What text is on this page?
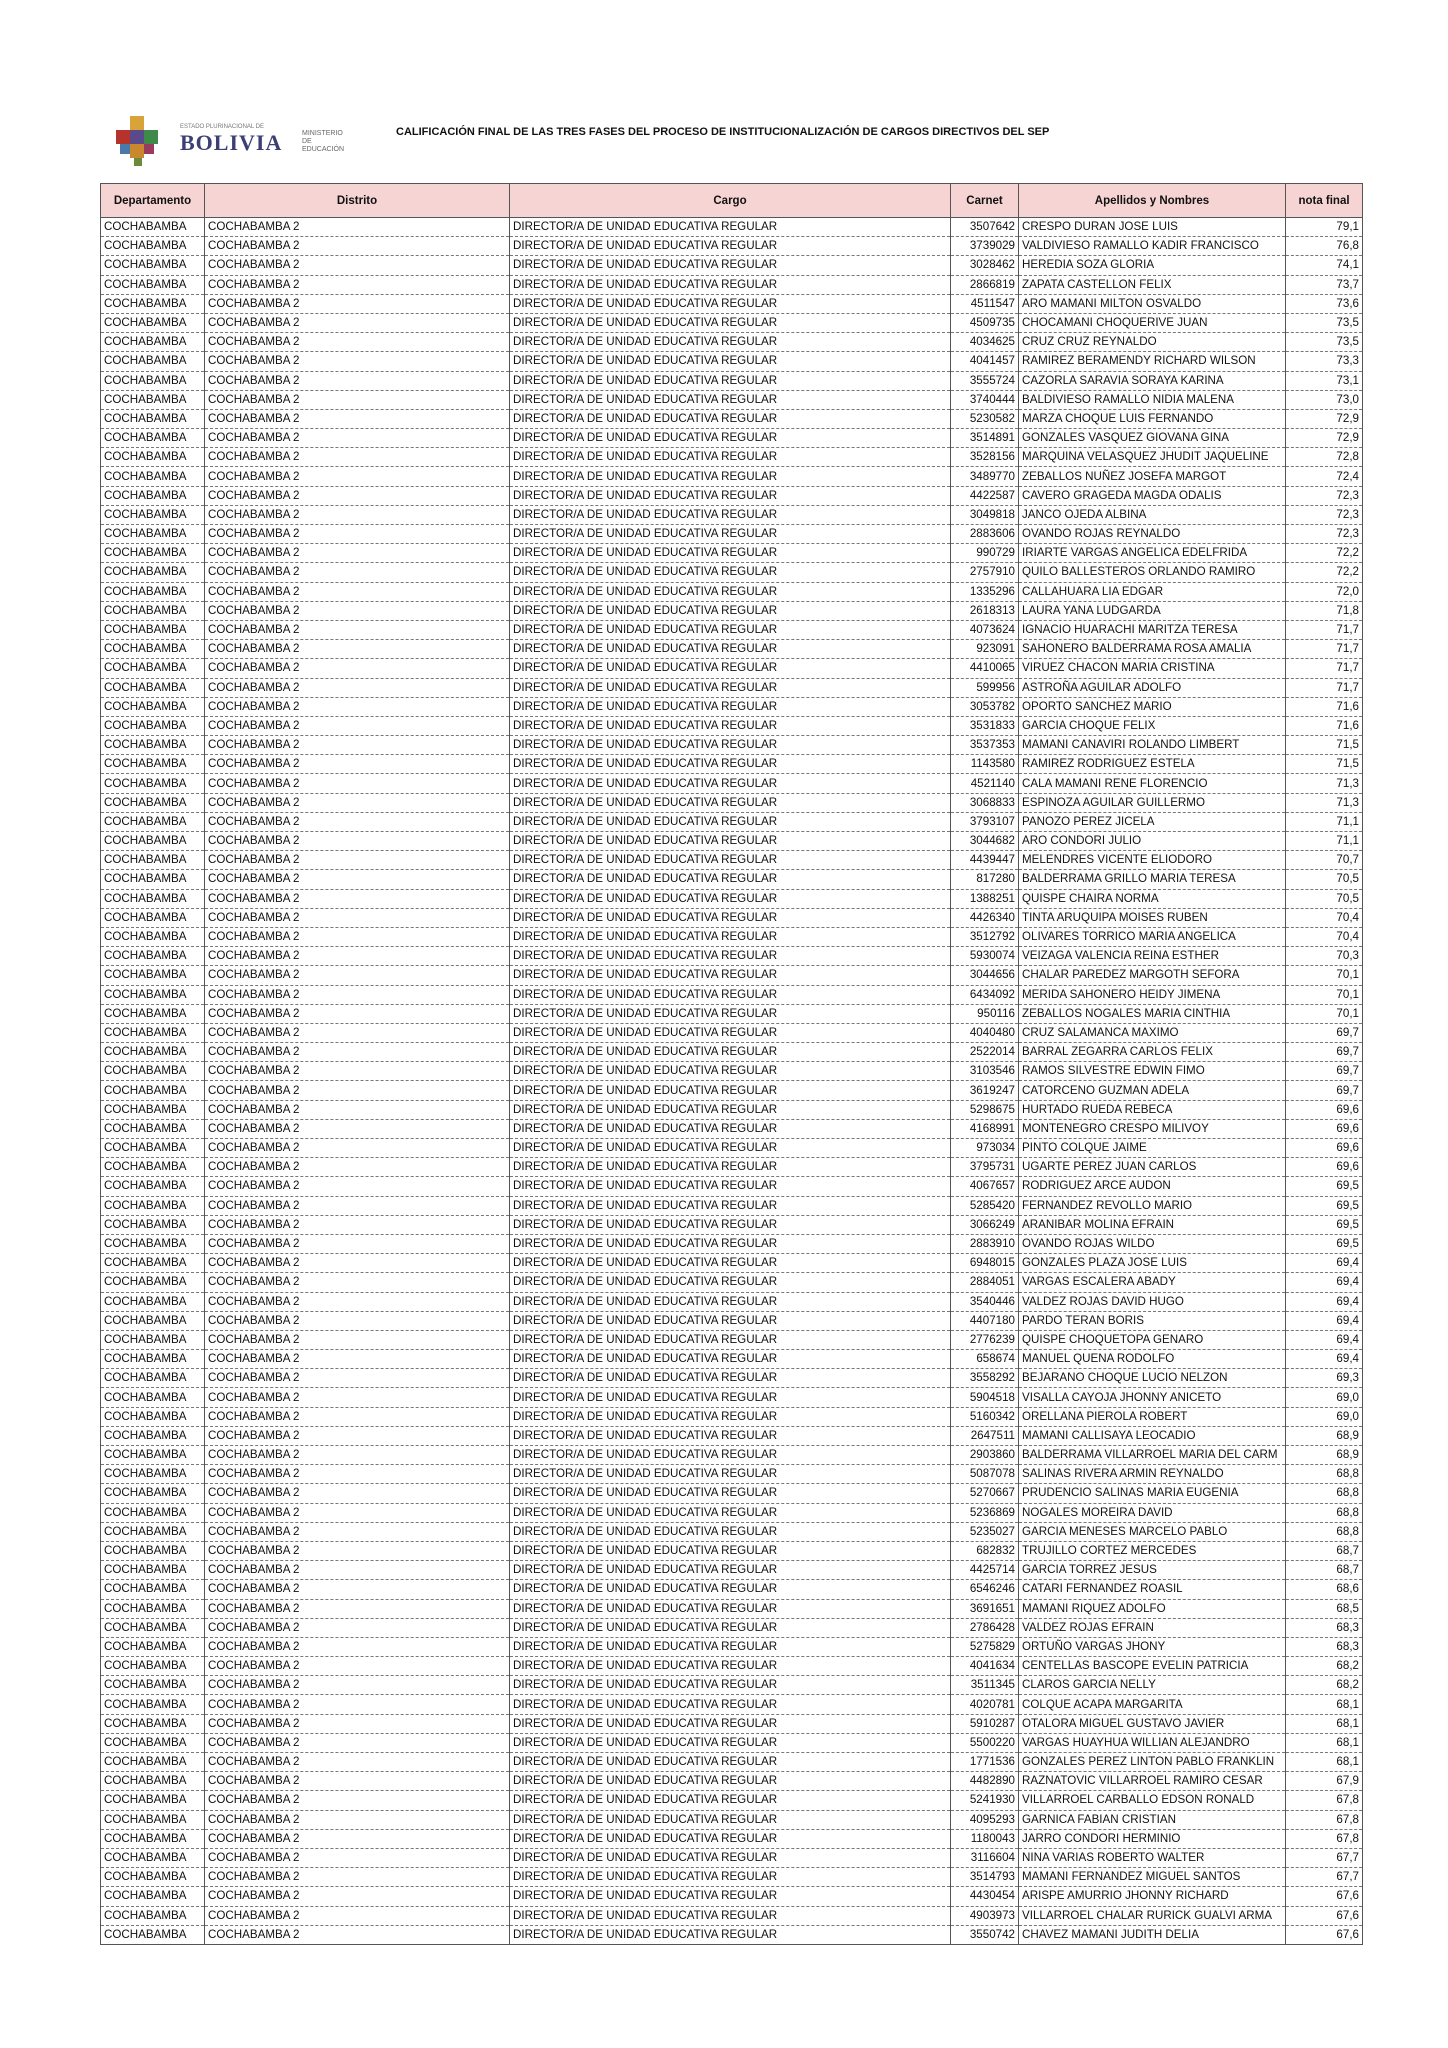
ESTADO PLURINACIONAL DE
BOLIVIA	MINISTERIO DE EDUCACIÓN
CALIFICACIÓN FINAL DE LAS TRES FASES DEL PROCESO DE INSTITUCIONALIZACIÓN DE CARGOS DIRECTIVOS DEL SEP
Departamento	Distrito	Cargo	Carnet	Apellidos y Nombres	nota final
COCHABAMBA	COCHABAMBA 2	DIRECTOR/A DE UNIDAD EDUCATIVA REGULAR	3507642	CRESPO DURAN JOSE LUIS	79,1
COCHABAMBA	COCHABAMBA 2	DIRECTOR/A DE UNIDAD EDUCATIVA REGULAR	3739029	VALDIVIESO RAMALLO KADIR FRANCISCO	76,8
COCHABAMBA	COCHABAMBA 2	DIRECTOR/A DE UNIDAD EDUCATIVA REGULAR	3028462	HEREDIA SOZA GLORIA	74,1
COCHABAMBA	COCHABAMBA 2	DIRECTOR/A DE UNIDAD EDUCATIVA REGULAR	2866819	ZAPATA CASTELLON FELIX	73,7
COCHABAMBA	COCHABAMBA 2	DIRECTOR/A DE UNIDAD EDUCATIVA REGULAR	4511547	ARO MAMANI MILTON OSVALDO	73,6
COCHABAMBA	COCHABAMBA 2	DIRECTOR/A DE UNIDAD EDUCATIVA REGULAR	4509735	CHOCAMANI CHOQUERIVE JUAN	73,5
COCHABAMBA	COCHABAMBA 2	DIRECTOR/A DE UNIDAD EDUCATIVA REGULAR	4034625	CRUZ CRUZ REYNALDO	73,5
COCHABAMBA	COCHABAMBA 2	DIRECTOR/A DE UNIDAD EDUCATIVA REGULAR	4041457	RAMIREZ BERAMENDY RICHARD WILSON	73,3
COCHABAMBA	COCHABAMBA 2	DIRECTOR/A DE UNIDAD EDUCATIVA REGULAR	3555724	CAZORLA SARAVIA SORAYA KARINA	73,1
COCHABAMBA	COCHABAMBA 2	DIRECTOR/A DE UNIDAD EDUCATIVA REGULAR	3740444	BALDIVIESO RAMALLO NIDIA MALENA	73,0
COCHABAMBA	COCHABAMBA 2	DIRECTOR/A DE UNIDAD EDUCATIVA REGULAR	5230582	MARZA CHOQUE LUIS FERNANDO	72,9
COCHABAMBA	COCHABAMBA 2	DIRECTOR/A DE UNIDAD EDUCATIVA REGULAR	3514891	GONZALES VASQUEZ GIOVANA GINA	72,9
COCHABAMBA	COCHABAMBA 2	DIRECTOR/A DE UNIDAD EDUCATIVA REGULAR	3528156	MARQUINA VELASQUEZ JHUDIT JAQUELINE	72,8
COCHABAMBA	COCHABAMBA 2	DIRECTOR/A DE UNIDAD EDUCATIVA REGULAR	3489770	ZEBALLOS NUÑEZ JOSEFA MARGOT	72,4
COCHABAMBA	COCHABAMBA 2	DIRECTOR/A DE UNIDAD EDUCATIVA REGULAR	4422587	CAVERO GRAGEDA MAGDA ODALIS	72,3
COCHABAMBA	COCHABAMBA 2	DIRECTOR/A DE UNIDAD EDUCATIVA REGULAR	3049818	JANCO OJEDA ALBINA	72,3
COCHABAMBA	COCHABAMBA 2	DIRECTOR/A DE UNIDAD EDUCATIVA REGULAR	2883606	OVANDO ROJAS REYNALDO	72,3
COCHABAMBA	COCHABAMBA 2	DIRECTOR/A DE UNIDAD EDUCATIVA REGULAR	990729	IRIARTE VARGAS ANGELICA EDELFRIDA	72,2
COCHABAMBA	COCHABAMBA 2	DIRECTOR/A DE UNIDAD EDUCATIVA REGULAR	2757910	QUILO BALLESTEROS ORLANDO RAMIRO	72,2
COCHABAMBA	COCHABAMBA 2	DIRECTOR/A DE UNIDAD EDUCATIVA REGULAR	1335296	CALLAHUARA LIA EDGAR	72,0
COCHABAMBA	COCHABAMBA 2	DIRECTOR/A DE UNIDAD EDUCATIVA REGULAR	2618313	LAURA YANA LUDGARDA	71,8
COCHABAMBA	COCHABAMBA 2	DIRECTOR/A DE UNIDAD EDUCATIVA REGULAR	4073624	IGNACIO HUARACHI MARITZA TERESA	71,7
COCHABAMBA	COCHABAMBA 2	DIRECTOR/A DE UNIDAD EDUCATIVA REGULAR	923091	SAHONERO BALDERRAMA ROSA AMALIA	71,7
COCHABAMBA	COCHABAMBA 2	DIRECTOR/A DE UNIDAD EDUCATIVA REGULAR	4410065	VIRUEZ CHACON MARIA CRISTINA	71,7
COCHABAMBA	COCHABAMBA 2	DIRECTOR/A DE UNIDAD EDUCATIVA REGULAR	599956	ASTROÑA AGUILAR ADOLFO	71,7
COCHABAMBA	COCHABAMBA 2	DIRECTOR/A DE UNIDAD EDUCATIVA REGULAR	3053782	OPORTO SANCHEZ MARIO	71,6
COCHABAMBA	COCHABAMBA 2	DIRECTOR/A DE UNIDAD EDUCATIVA REGULAR	3531833	GARCIA CHOQUE FELIX	71,6
COCHABAMBA	COCHABAMBA 2	DIRECTOR/A DE UNIDAD EDUCATIVA REGULAR	3537353	MAMANI CANAVIRI ROLANDO LIMBERT	71,5
COCHABAMBA	COCHABAMBA 2	DIRECTOR/A DE UNIDAD EDUCATIVA REGULAR	1143580	RAMIREZ RODRIGUEZ ESTELA	71,5
COCHABAMBA	COCHABAMBA 2	DIRECTOR/A DE UNIDAD EDUCATIVA REGULAR	4521140	CALA MAMANI RENE FLORENCIO	71,3
COCHABAMBA	COCHABAMBA 2	DIRECTOR/A DE UNIDAD EDUCATIVA REGULAR	3068833	ESPINOZA AGUILAR GUILLERMO	71,3
COCHABAMBA	COCHABAMBA 2	DIRECTOR/A DE UNIDAD EDUCATIVA REGULAR	3793107	PANOZO PEREZ JICELA	71,1
COCHABAMBA	COCHABAMBA 2	DIRECTOR/A DE UNIDAD EDUCATIVA REGULAR	3044682	ARO CONDORI JULIO	71,1
COCHABAMBA	COCHABAMBA 2	DIRECTOR/A DE UNIDAD EDUCATIVA REGULAR	4439447	MELENDRES VICENTE ELIODORO	70,7
COCHABAMBA	COCHABAMBA 2	DIRECTOR/A DE UNIDAD EDUCATIVA REGULAR	817280	BALDERRAMA GRILLO MARIA TERESA	70,5
COCHABAMBA	COCHABAMBA 2	DIRECTOR/A DE UNIDAD EDUCATIVA REGULAR	1388251	QUISPE CHAIRA NORMA	70,5
COCHABAMBA	COCHABAMBA 2	DIRECTOR/A DE UNIDAD EDUCATIVA REGULAR	4426340	TINTA ARUQUIPA MOISES RUBEN	70,4
COCHABAMBA	COCHABAMBA 2	DIRECTOR/A DE UNIDAD EDUCATIVA REGULAR	3512792	OLIVARES TORRICO MARIA ANGELICA	70,4
COCHABAMBA	COCHABAMBA 2	DIRECTOR/A DE UNIDAD EDUCATIVA REGULAR	5930074	VEIZAGA VALENCIA REINA ESTHER	70,3
COCHABAMBA	COCHABAMBA 2	DIRECTOR/A DE UNIDAD EDUCATIVA REGULAR	3044656	CHALAR PAREDEZ MARGOTH SEFORA	70,1
COCHABAMBA	COCHABAMBA 2	DIRECTOR/A DE UNIDAD EDUCATIVA REGULAR	6434092	MERIDA SAHONERO HEIDY JIMENA	70,1
COCHABAMBA	COCHABAMBA 2	DIRECTOR/A DE UNIDAD EDUCATIVA REGULAR	950116	ZEBALLOS NOGALES MARIA CINTHIA	70,1
COCHABAMBA	COCHABAMBA 2	DIRECTOR/A DE UNIDAD EDUCATIVA REGULAR	4040480	CRUZ SALAMANCA MAXIMO	69,7
COCHABAMBA	COCHABAMBA 2	DIRECTOR/A DE UNIDAD EDUCATIVA REGULAR	2522014	BARRAL ZEGARRA CARLOS FELIX	69,7
COCHABAMBA	COCHABAMBA 2	DIRECTOR/A DE UNIDAD EDUCATIVA REGULAR	3103546	RAMOS SILVESTRE EDWIN FIMO	69,7
COCHABAMBA	COCHABAMBA 2	DIRECTOR/A DE UNIDAD EDUCATIVA REGULAR	3619247	CATORCENO GUZMAN ADELA	69,7
COCHABAMBA	COCHABAMBA 2	DIRECTOR/A DE UNIDAD EDUCATIVA REGULAR	5298675	HURTADO RUEDA REBECA	69,6
COCHABAMBA	COCHABAMBA 2	DIRECTOR/A DE UNIDAD EDUCATIVA REGULAR	4168991	MONTENEGRO CRESPO MILIVOY	69,6
COCHABAMBA	COCHABAMBA 2	DIRECTOR/A DE UNIDAD EDUCATIVA REGULAR	973034	PINTO COLQUE JAIME	69,6
COCHABAMBA	COCHABAMBA 2	DIRECTOR/A DE UNIDAD EDUCATIVA REGULAR	3795731	UGARTE PEREZ JUAN CARLOS	69,6
COCHABAMBA	COCHABAMBA 2	DIRECTOR/A DE UNIDAD EDUCATIVA REGULAR	4067657	RODRIGUEZ ARCE AUDON	69,5
COCHABAMBA	COCHABAMBA 2	DIRECTOR/A DE UNIDAD EDUCATIVA REGULAR	5285420	FERNANDEZ REVOLLO MARIO	69,5
COCHABAMBA	COCHABAMBA 2	DIRECTOR/A DE UNIDAD EDUCATIVA REGULAR	3066249	ARANIBAR MOLINA EFRAIN	69,5
COCHABAMBA	COCHABAMBA 2	DIRECTOR/A DE UNIDAD EDUCATIVA REGULAR	2883910	OVANDO ROJAS WILDO	69,5
COCHABAMBA	COCHABAMBA 2	DIRECTOR/A DE UNIDAD EDUCATIVA REGULAR	6948015	GONZALES PLAZA JOSE LUIS	69,4
COCHABAMBA	COCHABAMBA 2	DIRECTOR/A DE UNIDAD EDUCATIVA REGULAR	2884051	VARGAS ESCALERA ABADY	69,4
COCHABAMBA	COCHABAMBA 2	DIRECTOR/A DE UNIDAD EDUCATIVA REGULAR	3540446	VALDEZ ROJAS DAVID HUGO	69,4
COCHABAMBA	COCHABAMBA 2	DIRECTOR/A DE UNIDAD EDUCATIVA REGULAR	4407180	PARDO TERAN BORIS	69,4
COCHABAMBA	COCHABAMBA 2	DIRECTOR/A DE UNIDAD EDUCATIVA REGULAR	2776239	QUISPE CHOQUETOPA GENARO	69,4
COCHABAMBA	COCHABAMBA 2	DIRECTOR/A DE UNIDAD EDUCATIVA REGULAR	658674	MANUEL QUENA RODOLFO	69,4
COCHABAMBA	COCHABAMBA 2	DIRECTOR/A DE UNIDAD EDUCATIVA REGULAR	3558292	BEJARANO CHOQUE LUCIO NELZON	69,3
COCHABAMBA	COCHABAMBA 2	DIRECTOR/A DE UNIDAD EDUCATIVA REGULAR	5904518	VISALLA CAYOJA JHONNY ANICETO	69,0
COCHABAMBA	COCHABAMBA 2	DIRECTOR/A DE UNIDAD EDUCATIVA REGULAR	5160342	ORELLANA PIEROLA ROBERT	69,0
COCHABAMBA	COCHABAMBA 2	DIRECTOR/A DE UNIDAD EDUCATIVA REGULAR	2647511	MAMANI CALLISAYA LEOCADIO	68,9
COCHABAMBA	COCHABAMBA 2	DIRECTOR/A DE UNIDAD EDUCATIVA REGULAR	2903860	BALDERRAMA VILLARROEL MARIA DEL CARM	68,9
COCHABAMBA	COCHABAMBA 2	DIRECTOR/A DE UNIDAD EDUCATIVA REGULAR	5087078	SALINAS RIVERA ARMIN REYNALDO	68,8
COCHABAMBA	COCHABAMBA 2	DIRECTOR/A DE UNIDAD EDUCATIVA REGULAR	5270667	PRUDENCIO SALINAS MARIA EUGENIA	68,8
COCHABAMBA	COCHABAMBA 2	DIRECTOR/A DE UNIDAD EDUCATIVA REGULAR	5236869	NOGALES MOREIRA DAVID	68,8
COCHABAMBA	COCHABAMBA 2	DIRECTOR/A DE UNIDAD EDUCATIVA REGULAR	5235027	GARCIA MENESES MARCELO PABLO	68,8
COCHABAMBA	COCHABAMBA 2	DIRECTOR/A DE UNIDAD EDUCATIVA REGULAR	682832	TRUJILLO CORTEZ MERCEDES	68,7
COCHABAMBA	COCHABAMBA 2	DIRECTOR/A DE UNIDAD EDUCATIVA REGULAR	4425714	GARCIA TORREZ JESUS	68,7
COCHABAMBA	COCHABAMBA 2	DIRECTOR/A DE UNIDAD EDUCATIVA REGULAR	6546246	CATARI FERNANDEZ ROASIL	68,6
COCHABAMBA	COCHABAMBA 2	DIRECTOR/A DE UNIDAD EDUCATIVA REGULAR	3691651	MAMANI RIQUEZ ADOLFO	68,5
COCHABAMBA	COCHABAMBA 2	DIRECTOR/A DE UNIDAD EDUCATIVA REGULAR	2786428	VALDEZ ROJAS EFRAIN	68,3
COCHABAMBA	COCHABAMBA 2	DIRECTOR/A DE UNIDAD EDUCATIVA REGULAR	5275829	ORTUÑO VARGAS JHONY	68,3
COCHABAMBA	COCHABAMBA 2	DIRECTOR/A DE UNIDAD EDUCATIVA REGULAR	4041634	CENTELLAS BASCOPE EVELIN PATRICIA	68,2
COCHABAMBA	COCHABAMBA 2	DIRECTOR/A DE UNIDAD EDUCATIVA REGULAR	3511345	CLAROS GARCIA NELLY	68,2
COCHABAMBA	COCHABAMBA 2	DIRECTOR/A DE UNIDAD EDUCATIVA REGULAR	4020781	COLQUE ACAPA MARGARITA	68,1
COCHABAMBA	COCHABAMBA 2	DIRECTOR/A DE UNIDAD EDUCATIVA REGULAR	5910287	OTALORA MIGUEL GUSTAVO JAVIER	68,1
COCHABAMBA	COCHABAMBA 2	DIRECTOR/A DE UNIDAD EDUCATIVA REGULAR	5500220	VARGAS HUAYHUA WILLIAN ALEJANDRO	68,1
COCHABAMBA	COCHABAMBA 2	DIRECTOR/A DE UNIDAD EDUCATIVA REGULAR	1771536	GONZALES PEREZ LINTON PABLO FRANKLIN	68,1
COCHABAMBA	COCHABAMBA 2	DIRECTOR/A DE UNIDAD EDUCATIVA REGULAR	4482890	RAZNATOVIC VILLARROEL RAMIRO CESAR	67,9
COCHABAMBA	COCHABAMBA 2	DIRECTOR/A DE UNIDAD EDUCATIVA REGULAR	5241930	VILLARROEL CARBALLO EDSON RONALD	67,8
COCHABAMBA	COCHABAMBA 2	DIRECTOR/A DE UNIDAD EDUCATIVA REGULAR	4095293	GARNICA FABIAN CRISTIAN	67,8
COCHABAMBA	COCHABAMBA 2	DIRECTOR/A DE UNIDAD EDUCATIVA REGULAR	1180043	JARRO CONDORI HERMINIO	67,8
COCHABAMBA	COCHABAMBA 2	DIRECTOR/A DE UNIDAD EDUCATIVA REGULAR	3116604	NINA VARIAS ROBERTO WALTER	67,7
COCHABAMBA	COCHABAMBA 2	DIRECTOR/A DE UNIDAD EDUCATIVA REGULAR	3514793	MAMANI FERNANDEZ MIGUEL SANTOS	67,7
COCHABAMBA	COCHABAMBA 2	DIRECTOR/A DE UNIDAD EDUCATIVA REGULAR	4430454	ARISPE AMURRIO JHONNY RICHARD	67,6
COCHABAMBA	COCHABAMBA 2	DIRECTOR/A DE UNIDAD EDUCATIVA REGULAR	4903973	VILLARROEL CHALAR RURICK GUALVI ARMA	67,6
COCHABAMBA	COCHABAMBA 2	DIRECTOR/A DE UNIDAD EDUCATIVA REGULAR	3550742	CHAVEZ MAMANI JUDITH DELIA	67,6
